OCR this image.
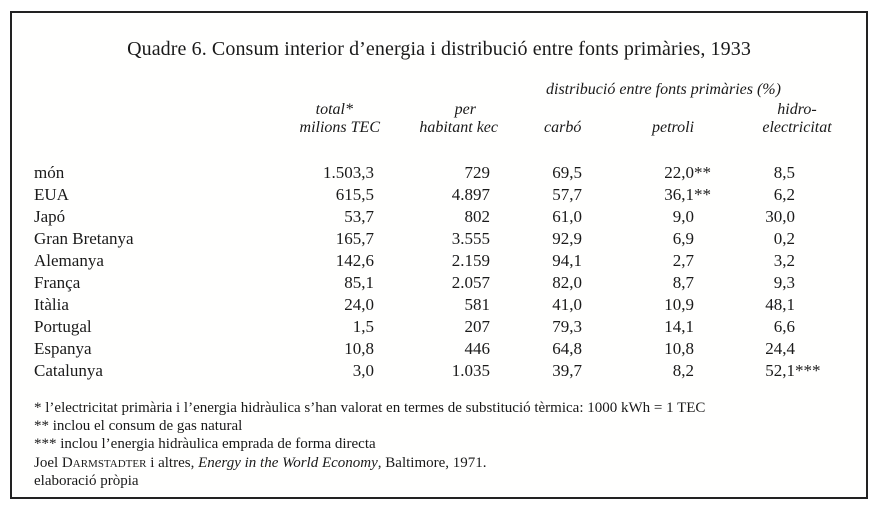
Quadre 6. Consum interior d’energia i distribució entre fonts primàries, 1933
distribució entre fonts primàries (%)
total*
milions TEC
per
habitant kec	carbó	petroli
hidro-
electricitat
món	1.503,3	729	69,5	22,0**	8,5
EUA	615,5	4.897	57,7	36,1**	6,2
Japó	53,7	802	61,0	9,0	30,0
Gran Bretanya	165,7	3.555	92,9	6,9	0,2
Alemanya	142,6	2.159	94,1	2,7	3,2
França	85,1	2.057	82,0	8,7	9,3
Itàlia	24,0	581	41,0	10,9	48,1
Portugal	1,5	207	79,3	14,1	6,6
Espanya	10,8	446	64,8	10,8	24,4
Catalunya	3,0	1.035	39,7	8,2	52,1***
* l’electricitat primària i l’energia hidràulica s’han valorat en termes de substitució tèrmica: 1000 kWh = 1 TEC
** inclou el consum de gas natural
*** inclou l’energia hidràulica emprada de forma directa
Joel Darmstadter i altres, Energy in the World Economy, Baltimore, 1971.
elaboració pròpia
